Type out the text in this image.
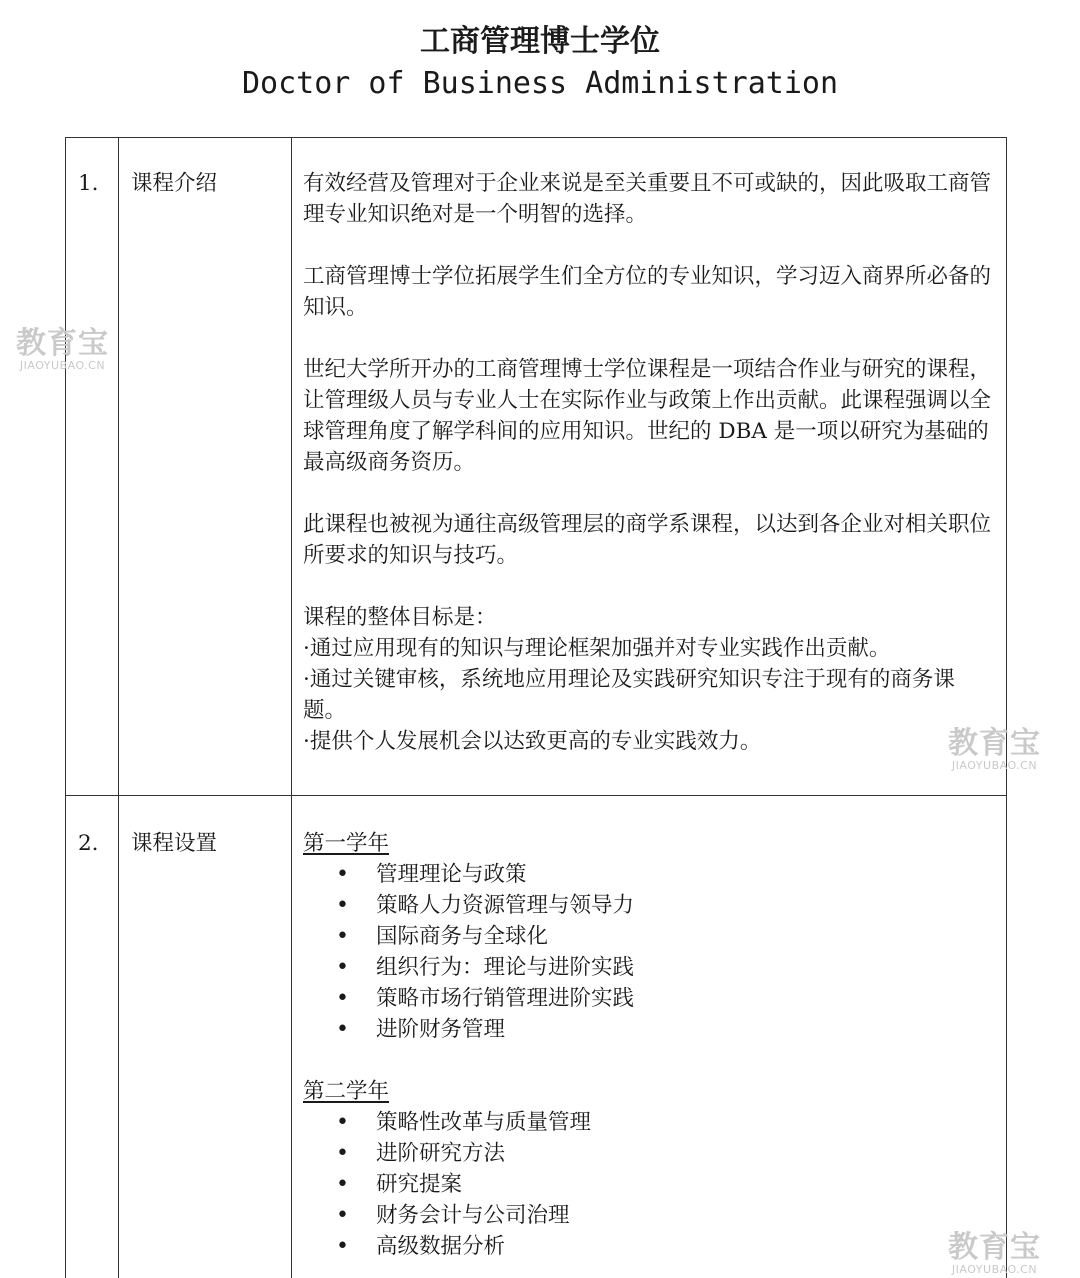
工商管理博士学位
Doctor of Business Administration
1. 课程介绍	有效经营及管理对于企业来说是至关重要且不可或缺的，因此吸取工商管理专业知识绝对是一个明智的选择。

工商管理博士学位拓展学生们全方位的专业知识，学习迈入商界所必备的知识。

世纪大学所开办的工商管理博士学位课程是一项结合作业与研究的课程，让管理级人员与专业人士在实际作业与政策上作出贡献。此课程强调以全球管理角度了解学科间的应用知识。世纪的 DBA 是一项以研究为基础的最高级商务资历。

此课程也被视为通往高级管理层的商学系课程，以达到各企业对相关职位所要求的知识与技巧。

课程的整体目标是：

·通过应用现有的知识与理论框架加强并对专业实践作出贡献。

·通过关键审核，系统地应用理论及实践研究知识专注于现有的商务课题。

·提供个人发展机会以达致更高的专业实践效力。

2. 课程设置	第一学年
• 管理理论与政策
• 策略人力资源管理与领导力
• 国际商务与全球化
• 组织行为：理论与进阶实践
• 策略市场行销管理进阶实践
• 进阶财务管理
第二学年
• 策略性改革与质量管理
• 进阶研究方法
• 研究提案
• 财务会计与公司治理
• 高级数据分析
教育宝
JIAOYUBAO.CN
教育宝
JIAOYUBAO.CN
教育宝
JIAOYUBAO.CN
